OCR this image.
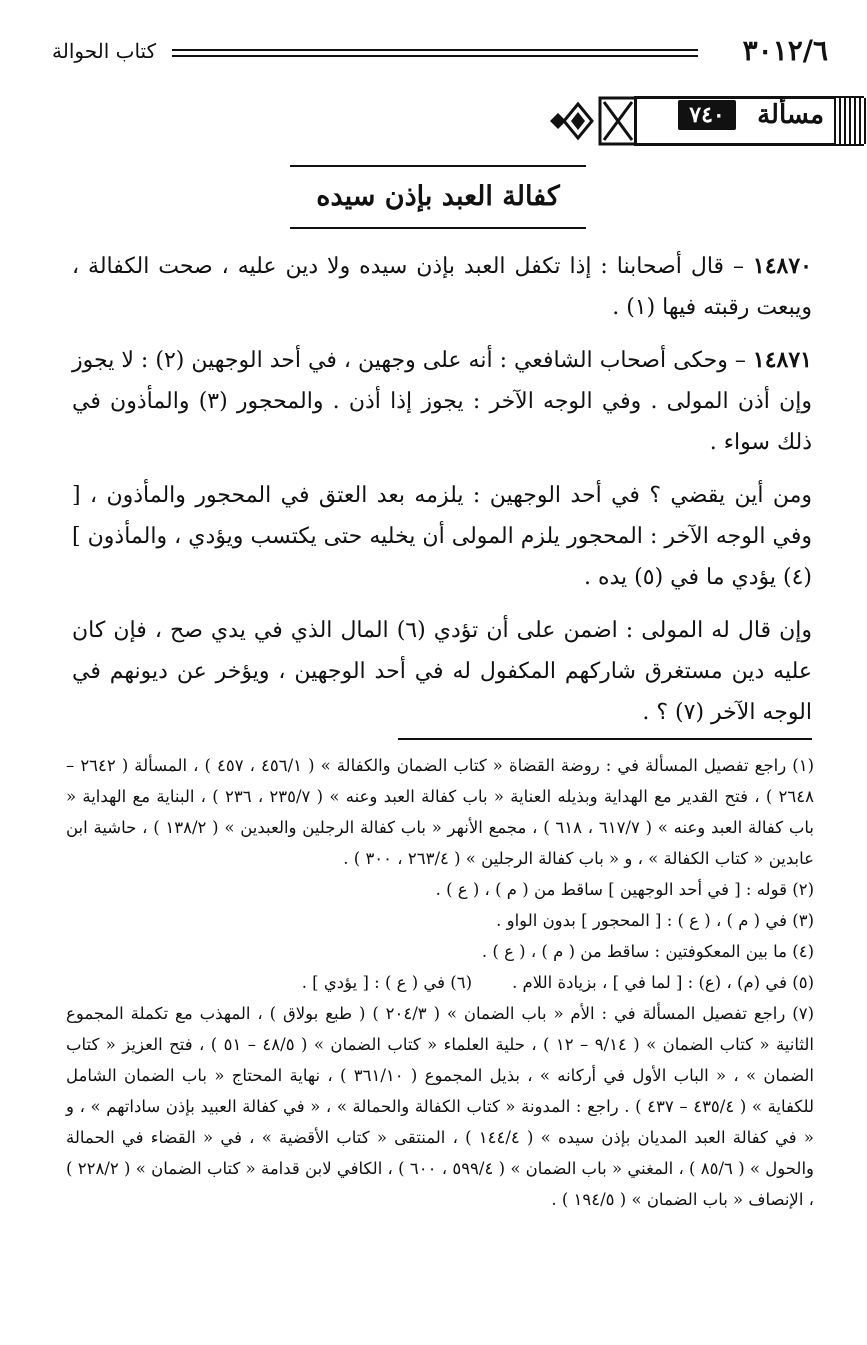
٣٠١٢/٦
كتاب الحوالة
٧٤٠	مسألة
كفالة العبد بإذن سيده

١٤٨٧٠ – قال أصحابنا : إذا تكفل العبد بإذن سيده ولا دين عليه ، صحت الكفالة ، ويبعت رقبته فيها (١) .

١٤٨٧١ – وحكى أصحاب الشافعي : أنه على وجهين ، في أحد الوجهين (٢) : لا يجوز وإن أذن المولى . وفي الوجه الآخر : يجوز إذا أذن . والمحجور (٣) والمأذون في ذلك سواء .

ومن أين يقضي ؟ في أحد الوجهين : يلزمه بعد العتق في المحجور والمأذون ، [ وفي الوجه الآخر : المحجور يلزم المولى أن يخليه حتى يكتسب ويؤدي ، والمأذون ] (٤) يؤدي ما في (٥) يده .

وإن قال له المولى : اضمن على أن تؤدي (٦) المال الذي في يدي صح ، فإن كان عليه دين مستغرق شاركهم المكفول له في أحد الوجهين ، ويؤخر عن ديونهم في الوجه الآخر (٧) ؟ .

(١) راجع تفصيل المسألة في : روضة القضاة « كتاب الضمان والكفالة » ( ٤٥٦/١ ، ٤٥٧ ) ، المسألة ( ٢٦٤٢ – ٢٦٤٨ ) ، فتح القدير مع الهداية وبذيله العناية « باب كفالة العبد وعنه » ( ٢٣٥/٧ ، ٢٣٦ ) ، البناية مع الهداية « باب كفالة العبد وعنه » ( ٦١٧/٧ ، ٦١٨ ) ، مجمع الأنهر « باب كفالة الرجلين والعبدين » ( ١٣٨/٢ ) ، حاشية ابن عابدين « كتاب الكفالة » ، و « باب كفالة الرجلين » ( ٢٦٣/٤ ، ٣٠٠ ) .

(٢) قوله : [ في أحد الوجهين ] ساقط من ( م ) ، ( ع ) .

(٣) في ( م ) ، ( ع ) : [ المحجور ] بدون الواو .

(٤) ما بين المعكوفتين : ساقط من ( م ) ، ( ع ) .

(٥) في (م) ، (ع) : [ لما في ] ، بزيادة اللام .
(٦) في ( ع ) : [ يؤدي ] .

(٧) راجع تفصيل المسألة في : الأم « باب الضمان » ( ٢٠٤/٣ ) ( طبع بولاق ) ، المهذب مع تكملة المجموع الثانية « كتاب الضمان » ( ٩/١٤ – ١٢ ) ، حلية العلماء « كتاب الضمان » ( ٤٨/٥ – ٥١ ) ، فتح العزيز « كتاب الضمان » ، « الباب الأول في أركانه » ، بذيل المجموع ( ٣٦١/١٠ ) ، نهاية المحتاج « باب الضمان الشامل للكفاية » ( ٤٣٥/٤ – ٤٣٧ ) . راجع : المدونة « كتاب الكفالة والحمالة » ، « في كفالة العبيد بإذن ساداتهم » ، و « في كفالة العبد المديان بإذن سيده » ( ١٤٤/٤ ) ، المنتقى « كتاب الأقضية » ، في « القضاء في الحمالة والحول » ( ٨٥/٦ ) ، المغني « باب الضمان » ( ٥٩٩/٤ ، ٦٠٠ ) ، الكافي لابن قدامة « كتاب الضمان » ( ٢٢٨/٢ ) ، الإنصاف « باب الضمان » ( ١٩٤/٥ ) .
